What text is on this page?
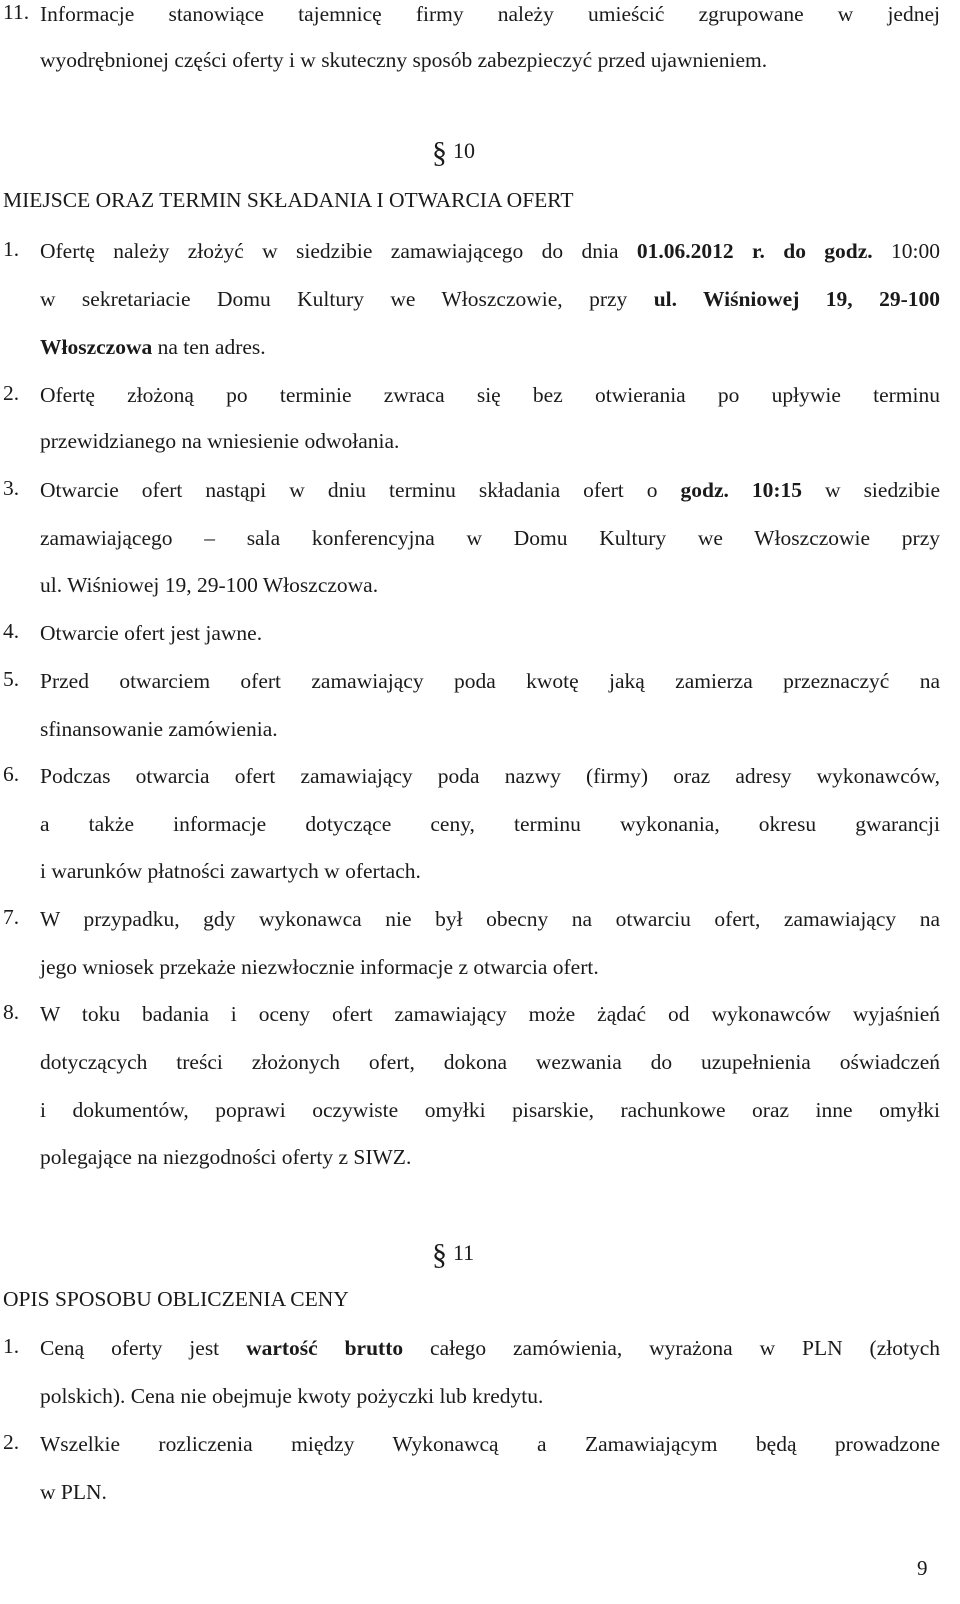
11. Informacje stanowiące tajemnicę firmy należy umieścić zgrupowane w jednej
wyodrębnionej części oferty i w skuteczny sposób zabezpieczyć przed ujawnieniem.
§ 10
MIEJSCE ORAZ TERMIN SKŁADANIA I OTWARCIA OFERT
1. Ofertę należy złożyć w siedzibie zamawiającego do dnia 01.06.2012 r. do godz. 10:00
w sekretariacie Domu Kultury we Włoszczowie, przy ul. Wiśniowej 19, 29-100
Włoszczowa na ten adres.
2. Ofertę złożoną po terminie zwraca się bez otwierania po upływie terminu
przewidzianego na wniesienie odwołania.
3. Otwarcie ofert nastąpi w dniu terminu składania ofert o godz. 10:15 w siedzibie
zamawiającego – sala konferencyjna w Domu Kultury we Włoszczowie przy
ul. Wiśniowej 19, 29-100 Włoszczowa.
4. Otwarcie ofert jest jawne.
5. Przed otwarciem ofert zamawiający poda kwotę jaką zamierza przeznaczyć na
sfinansowanie zamówienia.
6. Podczas otwarcia ofert zamawiający poda nazwy (firmy) oraz adresy wykonawców,
a także informacje dotyczące ceny, terminu wykonania, okresu gwarancji
i warunków płatności zawartych w ofertach.
7. W przypadku, gdy wykonawca nie był obecny na otwarciu ofert, zamawiający na
jego wniosek przekaże niezwłocznie informacje z otwarcia ofert.
8. W toku badania i oceny ofert zamawiający może żądać od wykonawców wyjaśnień
dotyczących treści złożonych ofert, dokona wezwania do uzupełnienia oświadczeń
i dokumentów, poprawi oczywiste omyłki pisarskie, rachunkowe oraz inne omyłki
polegające na niezgodności oferty z SIWZ.
§ 11
OPIS SPOSOBU OBLICZENIA CENY
1. Ceną oferty jest wartość brutto całego zamówienia, wyrażona w PLN (złotych
polskich). Cena nie obejmuje kwoty pożyczki lub kredytu.
2. Wszelkie rozliczenia między Wykonawcą a Zamawiającym będą prowadzone
w PLN.
9
